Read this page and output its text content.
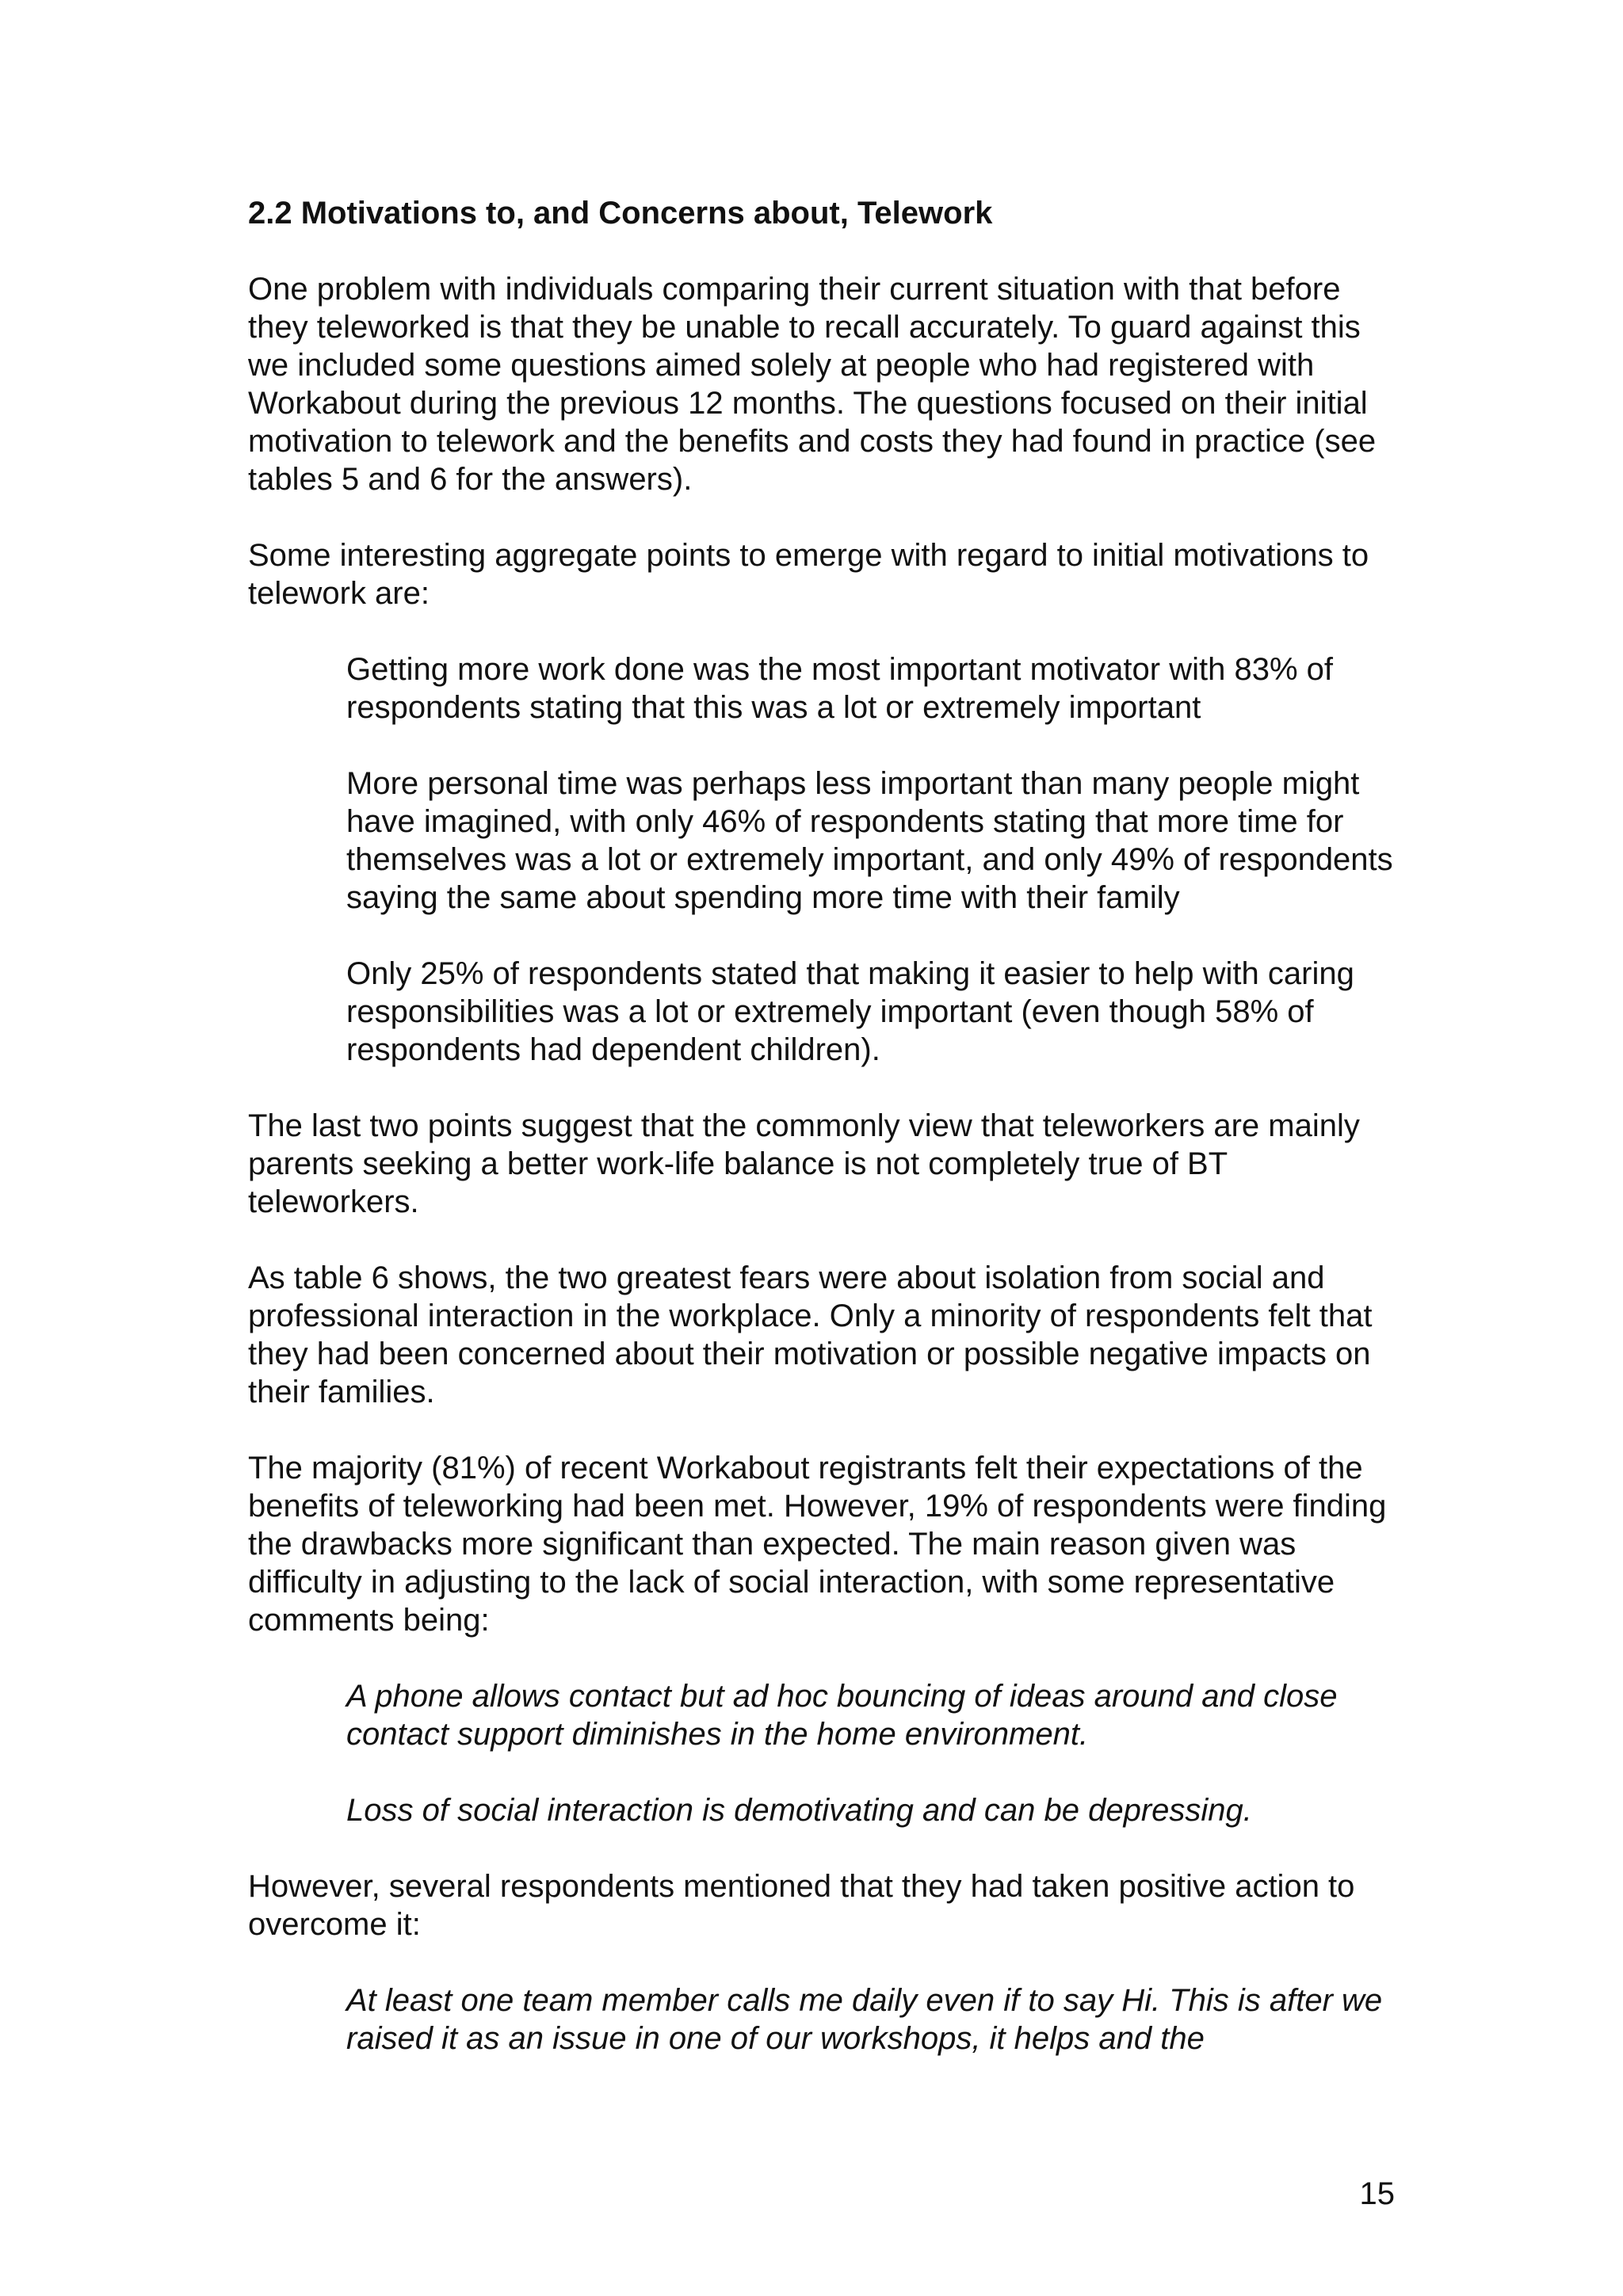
2.2 Motivations to, and Concerns about, Telework

One problem with individuals comparing their current situation with that before they teleworked is that they be unable to recall accurately. To guard against this we included some questions aimed solely at people who had registered with Workabout during the previous 12 months. The questions focused on their initial motivation to telework and the benefits and costs they had found in practice (see tables 5 and 6 for the answers).

Some interesting aggregate points to emerge with regard to initial motivations to telework are:

Getting more work done was the most important motivator with 83% of respondents stating that this was a lot or extremely important

More personal time was perhaps less important than many people might have imagined, with only 46% of respondents stating that more time for themselves was a lot or extremely important, and only 49% of respondents saying the same about spending more time with their family

Only 25% of respondents stated that making it easier to help with caring responsibilities was a lot or extremely important (even though 58% of respondents had dependent children).

The last two points suggest that the commonly view that teleworkers are mainly parents seeking a better work-life balance is not completely true of BT teleworkers.

As table 6 shows, the two greatest fears were about isolation from social and professional interaction in the workplace. Only a minority of respondents felt that they had been concerned about their motivation or possible negative impacts on their families.

The majority (81%) of recent Workabout registrants felt their expectations of the benefits of teleworking had been met. However, 19% of respondents were finding the drawbacks more significant than expected. The main reason given was difficulty in adjusting to the lack of social interaction, with some representative comments being:

A phone allows contact but ad hoc bouncing of ideas around and close contact support diminishes in the home environment.

Loss of social interaction is demotivating and can be depressing.

However, several respondents mentioned that they had taken positive action to overcome it:

At least one team member calls me daily even if to say Hi. This is after we raised it as an issue in one of our workshops, it helps and the

15
